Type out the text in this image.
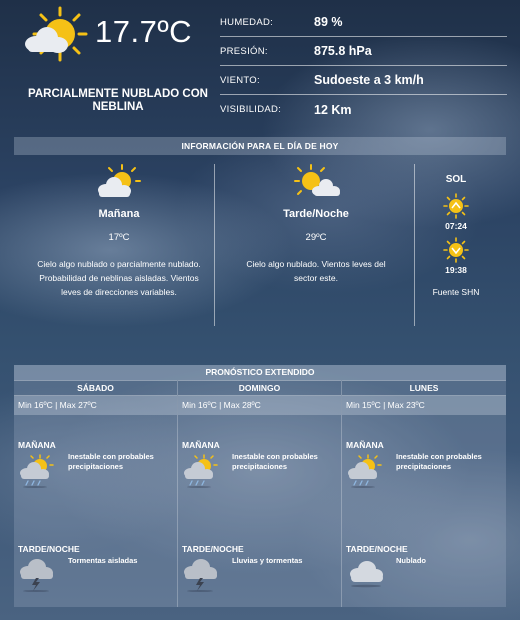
17.7ºC
PARCIALMENTE NUBLADO CON NEBLINA
HUMEDAD:	89 %
PRESIÓN:	875.8 hPa
VIENTO:	Sudoeste a 3 km/h
VISIBILIDAD:	12 Km
INFORMACIÓN PARA EL DÍA DE HOY
Mañana
17ºC
Cielo algo nublado o parcialmente nublado. Probabilidad de neblinas aisladas. Vientos leves de direcciones variables.
Tarde/Noche
29ºC
Cielo algo nublado. Vientos leves del sector este.
SOL
07:24
19:38
Fuente SHN
PRONÓSTICO EXTENDIDO
SÁBADO
Min 16ºC | Max 27ºC
MAÑANA
Inestable con probables precipitaciones
TARDE/NOCHE
Tormentas aisladas
DOMINGO
Min 16ºC | Max 28ºC
MAÑANA
Inestable con probables precipitaciones
TARDE/NOCHE
Lluvias y tormentas
LUNES
Min 15ºC | Max 23ºC
MAÑANA
Inestable con probables precipitaciones
TARDE/NOCHE
Nublado
